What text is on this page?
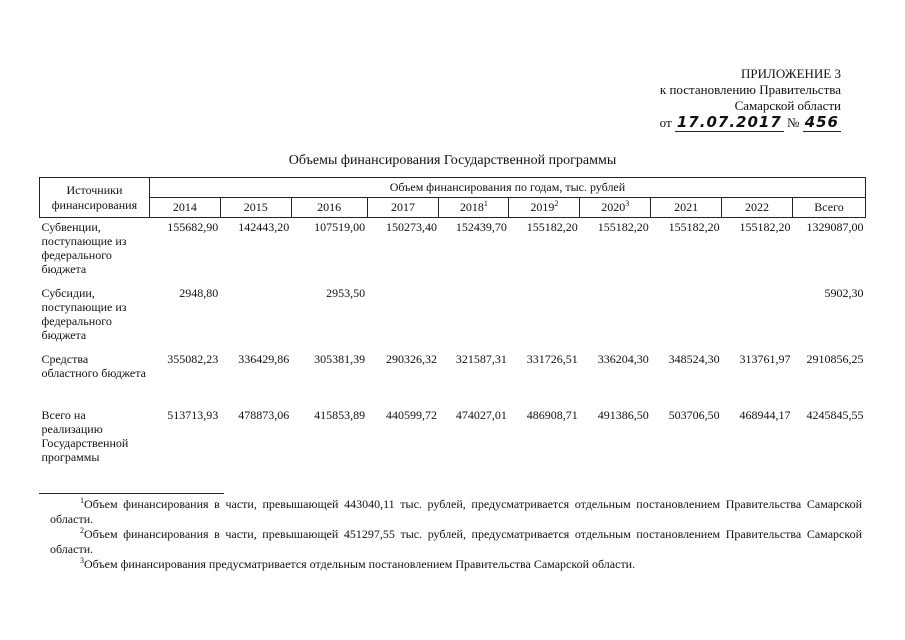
ПРИЛОЖЕНИЕ 3
к постановлению Правительства
Самарской области
от 17.07.2017 № 456
Объемы финансирования Государственной программы
Источники финансирования	Объем финансирования по годам, тыс. рублей									
	2014	2015	2016	2017	2018$^1$	2019$^2$	2020$^3$	2021	2022	Всего
Субвенции, поступающие из федерального бюджета	155682,90	142443,20	107519,00	150273,40	152439,70	155182,20	155182,20	155182,20	155182,20	1329087,00
Субсидии, поступающие из федерального бюджета	2948,80		2953,50							5902,30
Средства областного бюджета	355082,23	336429,86	305381,39	290326,32	321587,31	331726,51	336204,30	348524,30	313761,97	2910856,25
Всего на реализацию Государственной программы	513713,93	478873,06	415853,89	440599,72	474027,01	486908,71	491386,50	503706,50	468944,17	4245845,55

$^1$Объем финансирования в части, превышающей 443040,11 тыс. рублей, предусматривается отдельным постановлением Правительства Самарской области.

$^2$Объем финансирования в части, превышающей 451297,55 тыс. рублей, предусматривается отдельным постановлением Правительства Самарской области.

$^3$Объем финансирования предусматривается отдельным постановлением Правительства Самарской области.
